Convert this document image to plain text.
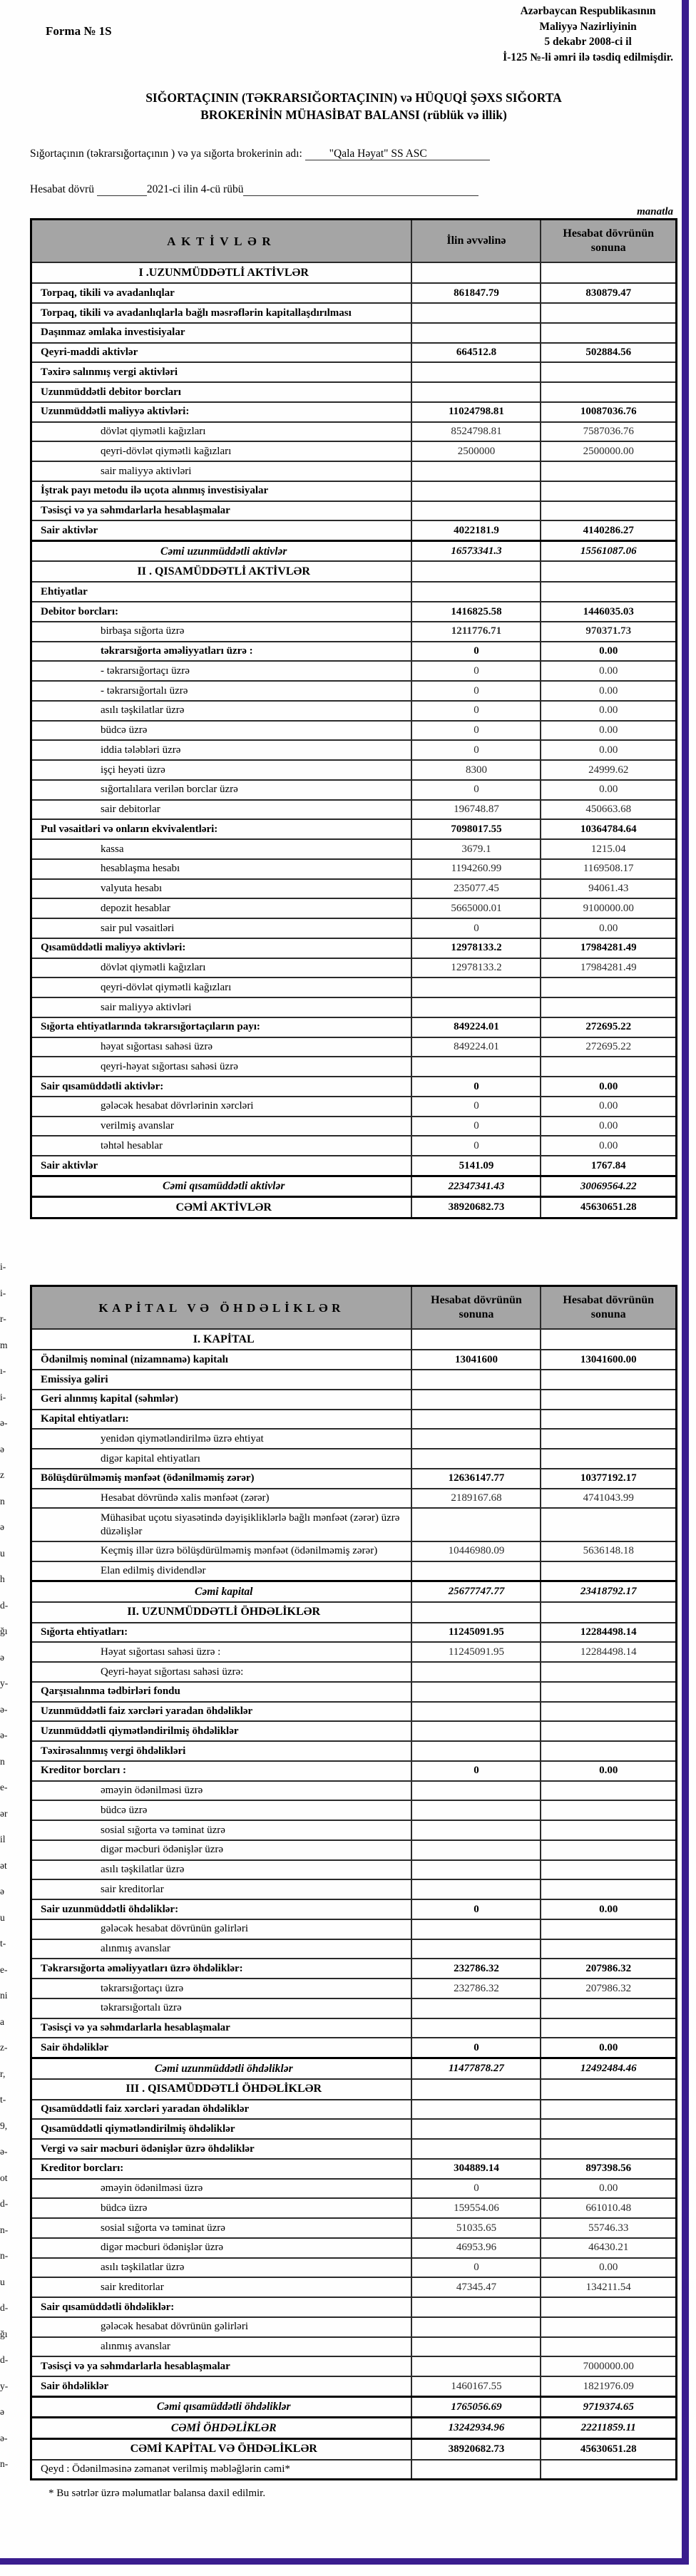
i-
i-
r-
m
ı-
i-
ə-
ə
z
n
ə
u
h
d-
ğı
ə
y-
ə-
ə-
n
e-
ər
il
ət
ə
u
t-
e-
ni
a
z-
r,
t-
9,
ə-
ot
d-
n-
n-
u
d-
ğı
d-
y-
ə
ə-
n-
Forma № 1S
Azərbaycan Respublikasının
Maliyyə Nazirliyinin
5 dekabr 2008-ci il
İ-125 №-li əmri ilə təsdiq edilmişdir.
SIĞORTAÇININ (TƏKRARSIĞORTAÇININ) və HÜQUQİ ŞƏXS SIĞORTA BROKERİNİN MÜHASİBAT BALANSI (rüblük və illik)
Sığortaçının (təkrarsığortaçının ) və ya sığorta brokerinin adı: "Qala Həyat" SS ASC
Hesabat dövrü	2021-ci ilin 4-cü rübü
manatla
AKTİVLƏR	İlin əvvəlinə	Hesabat dövrünün sonuna
I .UZUNMÜDDƏTLİ AKTİVLƏR		
Torpaq, tikili və avadanlıqlar	861847.79	830879.47
Torpaq, tikili və avadanlıqlarla bağlı məsrəflərin kapitallaşdırılması		
Daşınmaz əmlaka investisiyalar		
Qeyri-maddi aktivlər	664512.8	502884.56
Təxirə salınmış vergi aktivləri		
Uzunmüddətli debitor borcları		
Uzunmüddətli maliyyə aktivləri:	11024798.81	10087036.76
dövlət qiymətli kağızları	8524798.81	7587036.76
qeyri-dövlət qiymətli kağızları	2500000	2500000.00
sair maliyyə aktivləri		
İştrak payı metodu ilə uçota alınmış investisiyalar		
Təsisçi və ya səhmdarlarla hesablaşmalar		
Sair aktivlər	4022181.9	4140286.27
Cəmi uzunmüddətli aktivlər	16573341.3	15561087.06
II . QISAMÜDDƏTLİ AKTİVLƏR		
Ehtiyatlar		
Debitor borcları:	1416825.58	1446035.03
birbaşa sığorta üzrə	1211776.71	970371.73
təkrarsığorta əməliyyatları üzrə :	0	0.00
- təkrarsığortaçı üzrə	0	0.00
- təkrarsığortalı üzrə	0	0.00
asılı təşkilatlar üzrə	0	0.00
büdcə üzrə	0	0.00
iddia tələbləri üzrə	0	0.00
işçi heyəti üzrə	8300	24999.62
sığortalılara verilən borclar üzrə	0	0.00
sair debitorlar	196748.87	450663.68
Pul vəsaitləri və onların ekvivalentləri:	7098017.55	10364784.64
kassa	3679.1	1215.04
hesablaşma hesabı	1194260.99	1169508.17
valyuta hesabı	235077.45	94061.43
depozit hesablar	5665000.01	9100000.00
sair pul vəsaitləri	0	0.00
Qısamüddətli maliyyə aktivləri:	12978133.2	17984281.49
dövlət qiymətli kağızları	12978133.2	17984281.49
qeyri-dövlət qiymətli kağızları		
sair maliyyə aktivləri		
Sığorta ehtiyatlarında təkrarsığortaçıların payı:	849224.01	272695.22
həyat sığortası sahəsi üzrə	849224.01	272695.22
qeyri-həyat sığortası sahəsi üzrə		
Sair qısamüddətli aktivlər:	0	0.00
gələcək hesabat dövrlərinin xərcləri	0	0.00
verilmiş avanslar	0	0.00
təhtəl hesablar	0	0.00
Sair aktivlər	5141.09	1767.84
Cəmi qısamüddətli aktivlər	22347341.43	30069564.22
CƏMİ AKTİVLƏR	38920682.73	45630651.28
KAPİTAL VƏ ÖHDƏLİKLƏR	Hesabat dövrünün sonuna	Hesabat dövrünün sonuna
I. KAPİTAL		
Ödənilmiş nominal (nizamnamə) kapitalı	13041600	13041600.00
Emissiya gəliri		
Geri alınmış kapital (səhmlər)		
Kapital ehtiyatları:		
yenidən qiymətləndirilmə üzrə ehtiyat		
digər kapital ehtiyatları		
Bölüşdürülməmiş mənfəət (ödənilməmiş zərər)	12636147.77	10377192.17
Hesabat dövründə xalis mənfəət (zərər)	2189167.68	4741043.99
Mühasibat uçotu siyasətində dəyişikliklərlə bağlı mənfəət (zərər) üzrə düzəlişlər		
Keçmiş illər üzrə bölüşdürülməmiş mənfəət (ödənilməmiş zərər)	10446980.09	5636148.18
Elan edilmiş dividendlər		
Cəmi kapital	25677747.77	23418792.17
II. UZUNMÜDDƏTLİ ÖHDƏLİKLƏR		
Sığorta ehtiyatları:	11245091.95	12284498.14
Həyat sığortası sahəsi üzrə :	11245091.95	12284498.14
Qeyri-həyat sığortası sahəsi üzrə:		
Qarşısıalınma tədbirləri fondu		
Uzunmüddətli faiz xərcləri yaradan öhdəliklər		
Uzunmüddətli qiymətləndirilmiş öhdəliklər		
Təxirəsalınmış vergi öhdəlikləri		
Kreditor borcları :	0	0.00
əməyin ödənilməsi üzrə		
büdcə üzrə		
sosial sığorta və təminat üzrə		
digər məcburi ödənişlər üzrə		
asılı təşkilatlar üzrə		
sair kreditorlar		
Sair uzunmüddətli öhdəliklər:	0	0.00
gələcək hesabat dövrünün gəlirləri		
alınmış avanslar		
Təkrarsığorta əməliyyatları üzrə öhdəliklər:	232786.32	207986.32
təkrarsığortaçı üzrə	232786.32	207986.32
təkrarsığortalı üzrə		
Təsisçi və ya səhmdarlarla hesablaşmalar		
Sair öhdəliklər	0	0.00
Cəmi uzunmüddətli öhdəliklər	11477878.27	12492484.46
III . QISAMÜDDƏTLİ ÖHDƏLİKLƏR		
Qısamüddətli faiz xərcləri yaradan öhdəliklər		
Qısamüddətli qiymətləndirilmiş öhdəliklər		
Vergi və sair məcburi ödənişlər üzrə öhdəliklər		
Kreditor borcları:	304889.14	897398.56
əməyin ödənilməsi üzrə	0	0.00
büdcə üzrə	159554.06	661010.48
sosial sığorta və təminat üzrə	51035.65	55746.33
digər məcburi ödənişlər üzrə	46953.96	46430.21
asılı təşkilatlar üzrə	0	0.00
sair kreditorlar	47345.47	134211.54
Sair qısamüddətli öhdəliklər:		
gələcək hesabat dövrünün gəlirləri		
alınmış avanslar		
Təsisçi və ya səhmdarlarla hesablaşmalar		7000000.00
Sair öhdəliklər	1460167.55	1821976.09
Cəmi qısamüddətli öhdəliklər	1765056.69	9719374.65
CƏMİ ÖHDƏLİKLƏR	13242934.96	22211859.11
CƏMİ KAPİTAL VƏ ÖHDƏLİKLƏR	38920682.73	45630651.28
Qeyd : Ödənilməsinə zəmanət verilmiş məbləğlərin cəmi*		
* Bu sətrlər üzrə məlumatlar balansa daxil edilmir.
